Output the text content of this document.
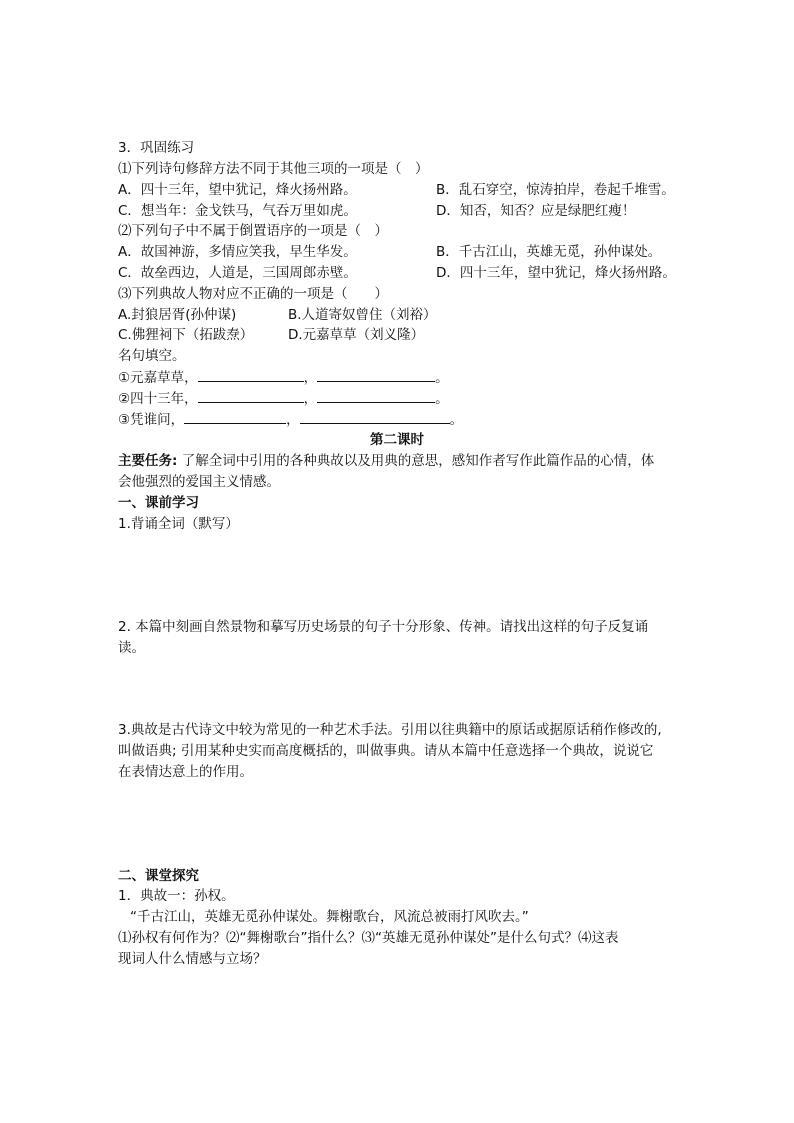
3．巩固练习
⑴下列诗句修辞方法不同于其他三项的一项是（　）
A．四十三年，望中犹记，烽火扬州路。	B．乱石穿空，惊涛拍岸，卷起千堆雪。
C．想当年：金戈铁马，气吞万里如虎。	D．知否，知否？应是绿肥红瘦！
⑵下列句子中不属于倒置语序的一项是（　）
A．故国神游，多情应笑我，早生华发。	B．千古江山，英雄无觅，孙仲谋处。
C．故垒西边，人道是，三国周郎赤壁。	D．四十三年，望中犹记，烽火扬州路。
⑶下列典故人物对应不正确的一项是（　　）
A.封狼居胥(孙仲谋)	B.人道寄奴曾住（刘裕）
C.佛狸祠下（拓跋焘）	D.元嘉草草（刘义隆）
名句填空。
①元嘉草草，	，	。
②四十三年，	，	。
③凭谁问，	，	。
第二课时
主要任务: 了解全词中引用的各种典故以及用典的意思，感知作者写作此篇作品的心情，体
会他强烈的爱国主义情感。
一、课前学习
1.背诵全词（默写）
2. 本篇中刻画自然景物和摹写历史场景的句子十分形象、传神。请找出这样的句子反复诵
读。
3.典故是古代诗文中较为常见的一种艺术手法。引用以往典籍中的原话或据原话稍作修改的,
叫做语典; 引用某种史实而高度概括的，叫做事典。请从本篇中任意选择一个典故，说说它
在表情达意上的作用。
二、课堂探究
1．典故一：孙权。
“千古江山，英雄无觅孙仲谋处。舞榭歌台，风流总被雨打风吹去。”
⑴孙权有何作为？⑵“舞榭歌台”指什么？⑶“英雄无觅孙仲谋处”是什么句式？⑷这表
现词人什么情感与立场？
